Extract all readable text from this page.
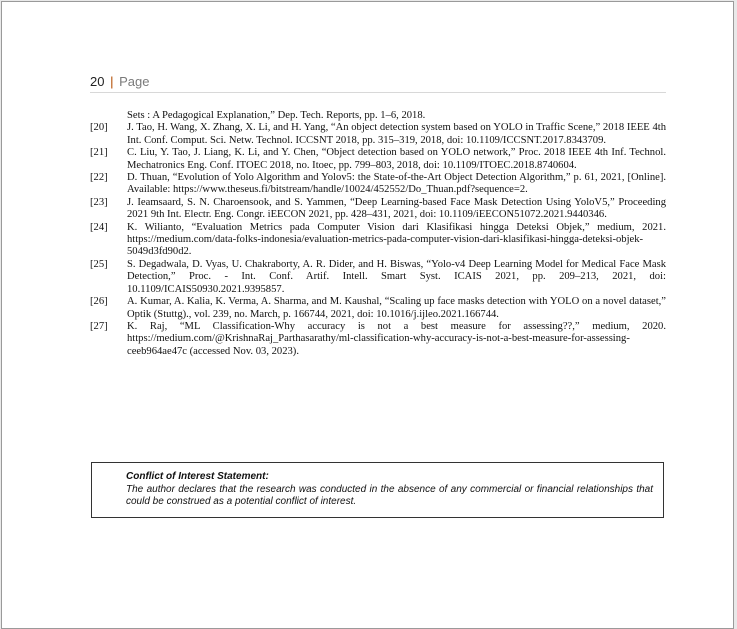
20 | Page
Sets : A Pedagogical Explanation,” Dep. Tech. Reports, pp. 1–6, 2018.
[20]	J. Tao, H. Wang, X. Zhang, X. Li, and H. Yang, “An object detection system based on YOLO in Traffic Scene,” 2018 IEEE 4th Int. Conf. Comput. Sci. Netw. Technol. ICCSNT 2018, pp. 315–319, 2018, doi: 10.1109/ICCSNT.2017.8343709.
[21]	C. Liu, Y. Tao, J. Liang, K. Li, and Y. Chen, “Object detection based on YOLO network,” Proc. 2018 IEEE 4th Inf. Technol. Mechatronics Eng. Conf. ITOEC 2018, no. Itoec, pp. 799–803, 2018, doi: 10.1109/ITOEC.2018.8740604.
[22]	D. Thuan, “Evolution of Yolo Algorithm and Yolov5: the State-of-the-Art Object Detection Algorithm,” p. 61, 2021, [Online]. Available: https://www.theseus.fi/bitstream/handle/10024/452552/Do_Thuan.pdf?sequence=2.
[23]	J. Ieamsaard, S. N. Charoensook, and S. Yammen, “Deep Learning-based Face Mask Detection Using YoloV5,” Proceeding 2021 9th Int. Electr. Eng. Congr. iEECON 2021, pp. 428–431, 2021, doi: 10.1109/iEECON51072.2021.9440346.
[24]	K. Wilianto, “Evaluation Metrics pada Computer Vision dari Klasifikasi hingga Deteksi Objek,” medium, 2021. https://medium.com/data-folks-indonesia/evaluation-metrics-pada-computer-vision-dari-klasifikasi-hingga-deteksi-objek-5049d3fd90d2.
[25]	S. Degadwala, D. Vyas, U. Chakraborty, A. R. Dider, and H. Biswas, “Yolo-v4 Deep Learning Model for Medical Face Mask Detection,” Proc. - Int. Conf. Artif. Intell. Smart Syst. ICAIS 2021, pp. 209–213, 2021, doi: 10.1109/ICAIS50930.2021.9395857.
[26]	A. Kumar, A. Kalia, K. Verma, A. Sharma, and M. Kaushal, “Scaling up face masks detection with YOLO on a novel dataset,” Optik (Stuttg)., vol. 239, no. March, p. 166744, 2021, doi: 10.1016/j.ijleo.2021.166744.
[27]	K. Raj, “ML Classification-Why accuracy is not a best measure for assessing??,” medium, 2020. https://medium.com/@KrishnaRaj_Parthasarathy/ml-classification-why-accuracy-is-not-a-best-measure-for-assessing-ceeb964ae47c (accessed Nov. 03, 2023).
Conflict of Interest Statement:
The author declares that the research was conducted in the absence of any commercial or financial relationships that could be construed as a potential conflict of interest.
